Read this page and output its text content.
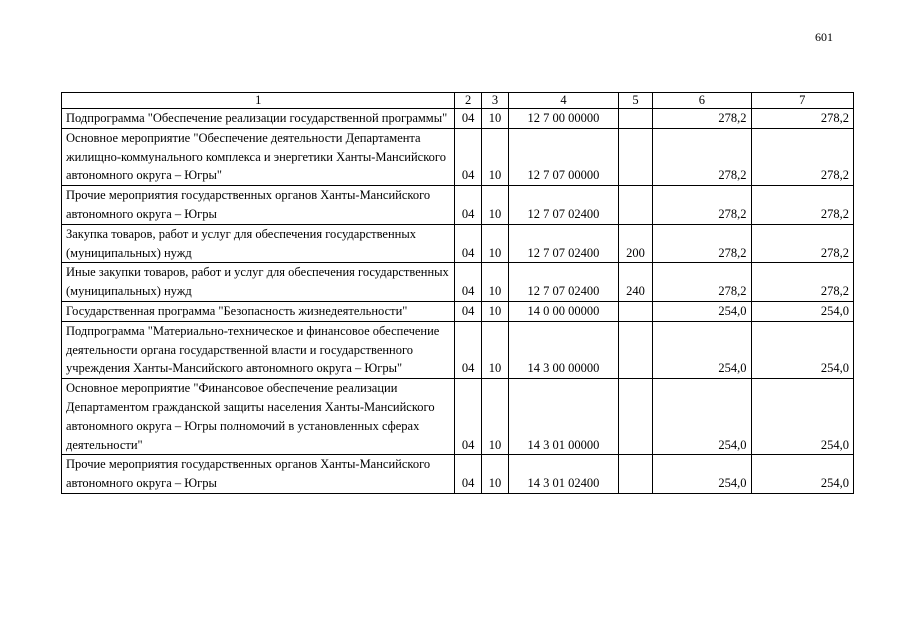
601
1	2	3	4	5	6	7
Подпрограмма "Обеспечение реализации государственной программы"	04	10	12 7 00 00000		278,2	278,2
Основное мероприятие "Обеспечение деятельности Департамента жилищно-коммунального комплекса и энергетики Ханты-Мансийского автономного округа – Югры"	04	10	12 7 07 00000		278,2	278,2
Прочие мероприятия государственных органов Ханты-Мансийского автономного округа – Югры	04	10	12 7 07 02400		278,2	278,2
Закупка товаров, работ и услуг для обеспечения государственных (муниципальных) нужд	04	10	12 7 07 02400	200	278,2	278,2
Иные закупки товаров, работ и услуг для обеспечения государственных (муниципальных) нужд	04	10	12 7 07 02400	240	278,2	278,2
Государственная программа "Безопасность жизнедеятельности"	04	10	14 0 00 00000		254,0	254,0
Подпрограмма "Материально-техническое и финансовое обеспечение деятельности органа государственной власти и государственного учреждения Ханты-Мансийского автономного округа – Югры"	04	10	14 3 00 00000		254,0	254,0
Основное мероприятие "Финансовое обеспечение реализации Департаментом гражданской защиты населения Ханты-Мансийского автономного округа – Югры полномочий в установленных сферах деятельности"	04	10	14 3 01 00000		254,0	254,0
Прочие мероприятия государственных органов Ханты-Мансийского автономного округа – Югры	04	10	14 3 01 02400		254,0	254,0
